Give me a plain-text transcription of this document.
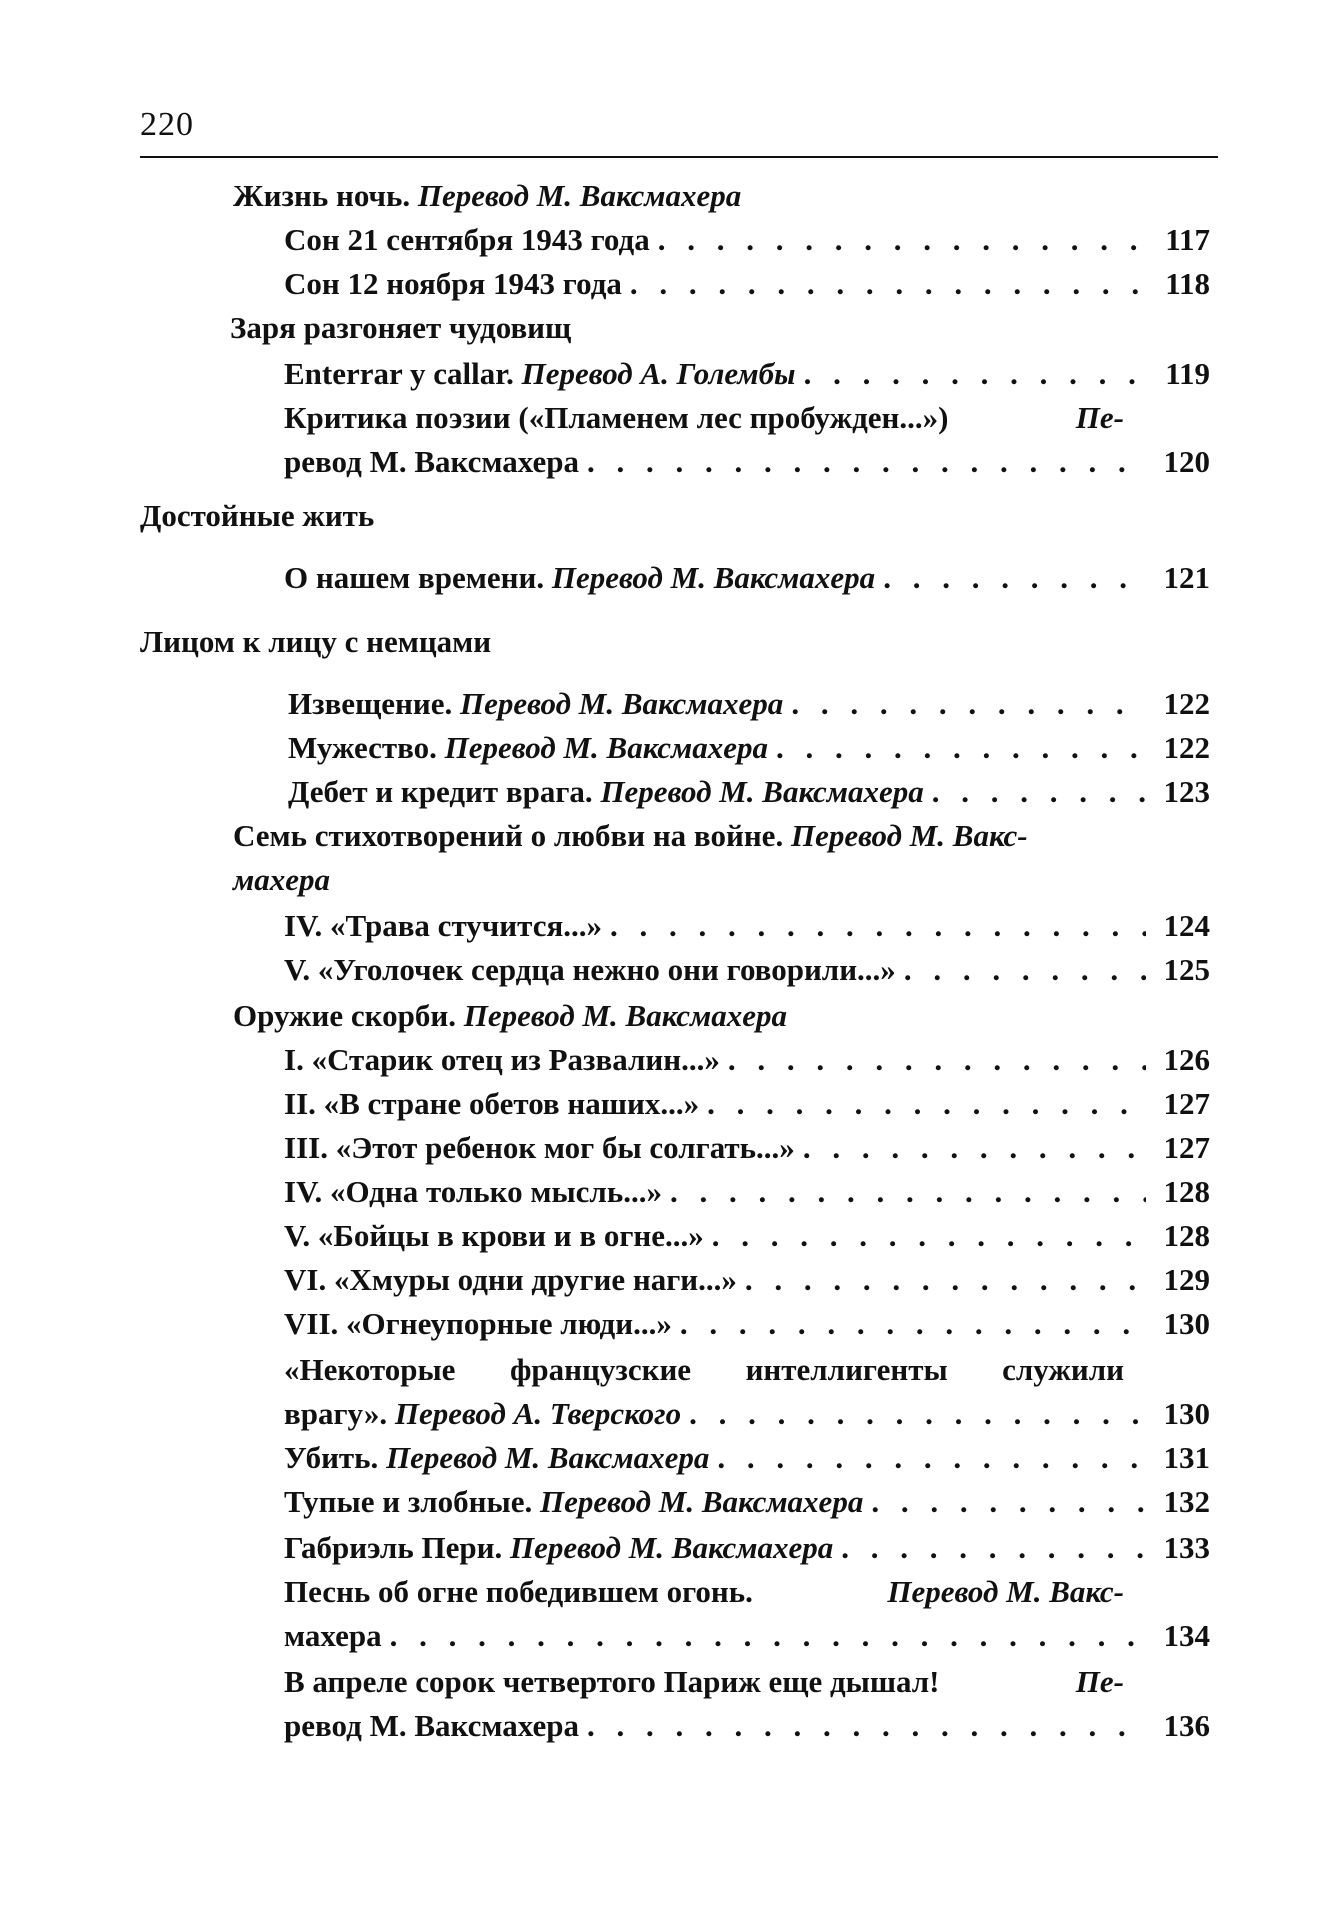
220
Жизнь ночь. Перевод М. Ваксмахера
Сон 21 сентября 1943 года . . .	117
Сон 12 ноября 1943 года . . .	118
Заря разгоняет чудовищ
Enterrar y callar. Перевод А. Голембы . . .	119
Критика поэзии («Пламенем лес пробужден...»)	Пе-
ревод М. Ваксмахера . . .	120
Достойные жить
О нашем времени. Перевод М. Ваксмахера . . .	121
Лицом к лицу с немцами
Извещение. Перевод М. Ваксмахера . . .	122
Мужество. Перевод М. Ваксмахера . . .	122
Дебет и кредит врага. Перевод М. Ваксмахера . . .	123
Семь стихотворений о любви на войне. Перевод М. Вакс-
махера
IV. «Трава стучится...» . . .	124
V. «Уголочек сердца нежно они говорили...» . . .	125
Оружие скорби. Перевод М. Ваксмахера
I. «Старик отец из Развалин...» . . .	126
II. «В стране обетов наших...» . . .	127
III. «Этот ребенок мог бы солгать...» . . .	127
IV. «Одна только мысль...» . . .	128
V. «Бойцы в крови и в огне...» . . .	128
VI. «Хмуры одни другие наги...» . . .	129
VII. «Огнеупорные люди...» . . .	130
«Некоторые французские интеллигенты служили
врагу». Перевод А. Тверского . . .	130
Убить. Перевод М. Ваксмахера . . .	131
Тупые и злобные. Перевод М. Ваксмахера . . .	132
Габриэль Пери. Перевод М. Ваксмахера . . .	133
Песнь об огне победившем огонь.	Перевод М. Вакс-
махера . . .	134
В апреле сорок четвертого Париж еще дышал!	Пе-
ревод М. Ваксмахера . . .	136
